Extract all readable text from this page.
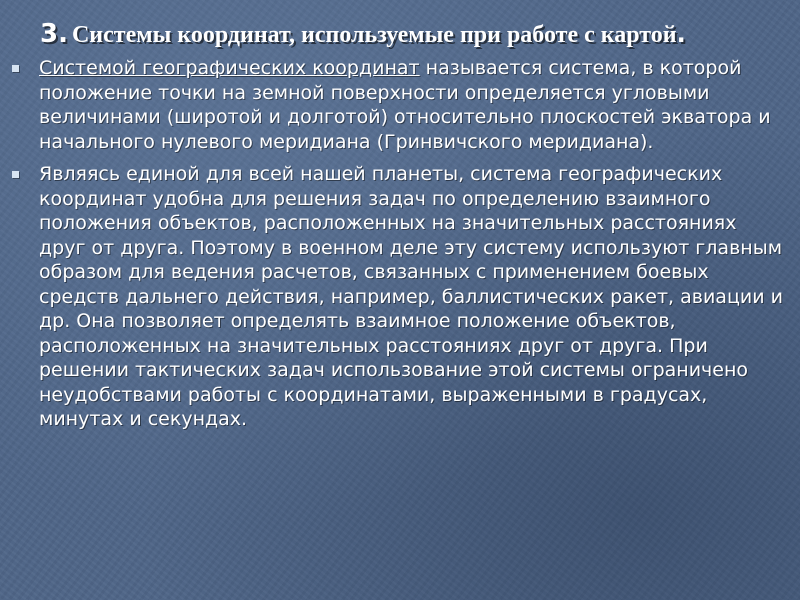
3. Системы координат, используемые при работе с картой.
Системой географических координат называется система, в которой положение точки на земной поверхности определяется угловыми величинами (широтой и долготой) относительно плоскостей экватора и начального нулевого меридиана (Гринвичского меридиана).
Являясь единой для всей нашей планеты, система географических координат удобна для решения задач по определению взаимного положения объектов, расположенных на значительных расстояниях друг от друга. Поэтому в военном деле эту систему используют главным образом для ведения расчетов, связанных с применением боевых средств дальнего действия, например, баллистических ракет, авиации и др. Она позволяет определять взаимное положение объектов, расположенных на значительных расстояниях друг от друга. При решении тактических задач использование этой системы ограничено неудобствами работы с координатами, выраженными в градусах, минутах и секундах.
